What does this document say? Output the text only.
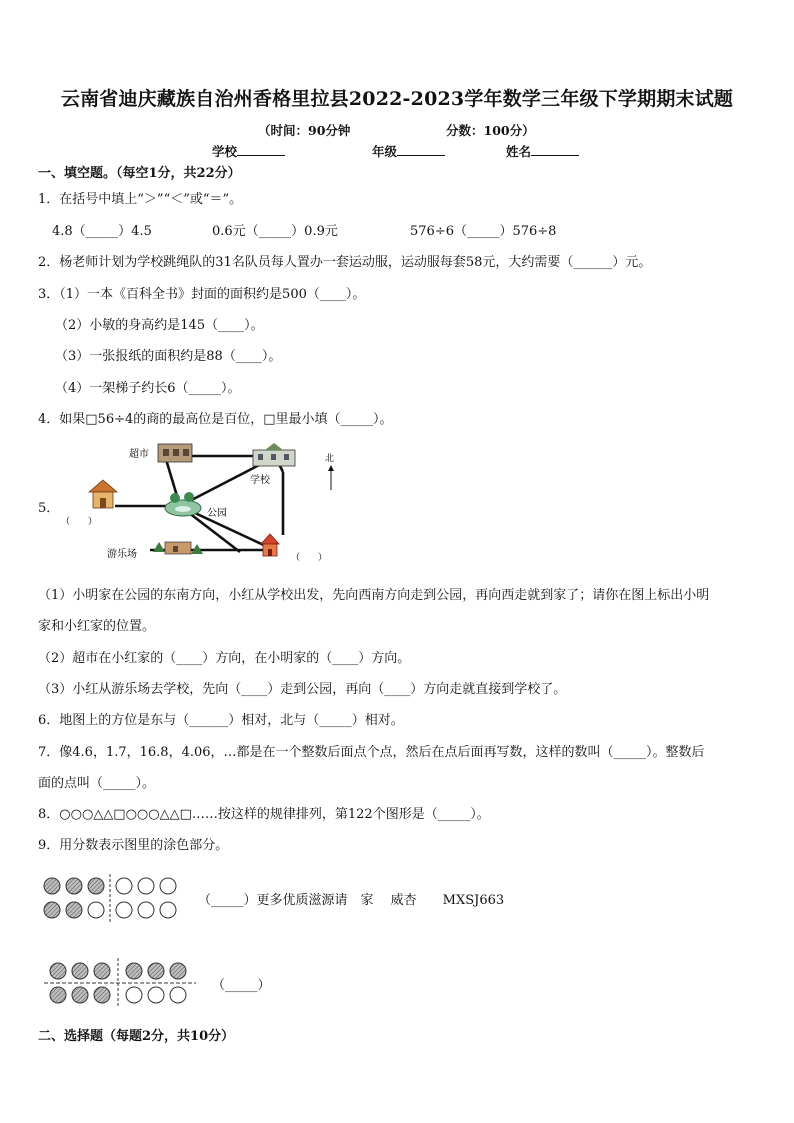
云南省迪庆藏族自治州香格里拉县2022-2023学年数学三年级下学期期末试题
（时间：90分钟	分数：100分）
学校	年级	姓名
一、填空题。（每空1分，共22分）
1．在括号中填上“＞”“＜”或“＝”。
4.8（_____）4.5	0.6元（_____）0.9元	576÷6（_____）576÷8
2．杨老师计划为学校跳绳队的31名队员每人置办一套运动服，运动服每套58元，大约需要（______）元。
3．（1）一本《百科全书》封面的面积约是500（____）。
（2）小敏的身高约是145（____）。
（3）一张报纸的面积约是88（____）。
（4）一架梯子约长6（_____）。
4．如果□56÷4的商的最高位是百位，□里最小填（_____）。
5．
超市
学校
北
（　　）
公园
游乐场	（　　）
（1）小明家在公园的东南方向，小红从学校出发，先向西南方向走到公园，再向西走就到家了；请你在图上标出小明
家和小红家的位置。
（2）超市在小红家的（____）方向，在小明家的（____）方向。
（3）小红从游乐场去学校，先向（____）走到公园，再向（____）方向走就直接到学校了。
6．地图上的方位是东与（______）相对，北与（_____）相对。
7．像4.6，1.7，16.8，4.06，…都是在一个整数后面点个点，然后在点后面再写数，这样的数叫（_____）。整数后
面的点叫（_____）。
8．○○○△△□○○○△△□……按这样的规律排列，第122个图形是（_____）。
9．用分数表示图里的涂色部分。
（_____）更多优质滋源请　家　 威杏　　MXSJ663
（_____）
二、选择题（每题2分，共10分）
